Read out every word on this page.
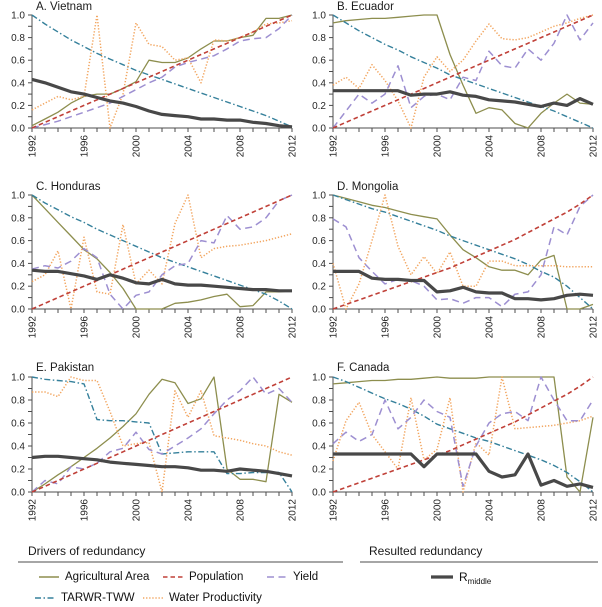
0.0
0.2
0.4
0.6
0.8
1.0
1992	1996	2000	2004	2008	2012
A. Vietnam
0.0
0.2
0.4
0.6
0.8
1.0
1992	1996	2000	2004	2008	2012
B. Ecuador
0.0
0.2
0.4
0.6
0.8
1.0
1992	1996	2000	2004	2008	2012
C. Honduras
0.0
0.2
0.4
0.6
0.8
1.0
1992	1996	2000	2004	2008	2012
D. Mongolia
0.0
0.2
0.4
0.6
0.8
1.0
1992	1996	2000	2004	2008	2012
E. Pakistan
0.0
0.2
0.4
0.6
0.8
1.0
1992	1996	2000	2004	2008	2012
F. Canada
Drivers of redundancy	Resulted redundancy
Agricultural Area	Population	Yield
TARWR-TWW	Water Productivity
R middle
